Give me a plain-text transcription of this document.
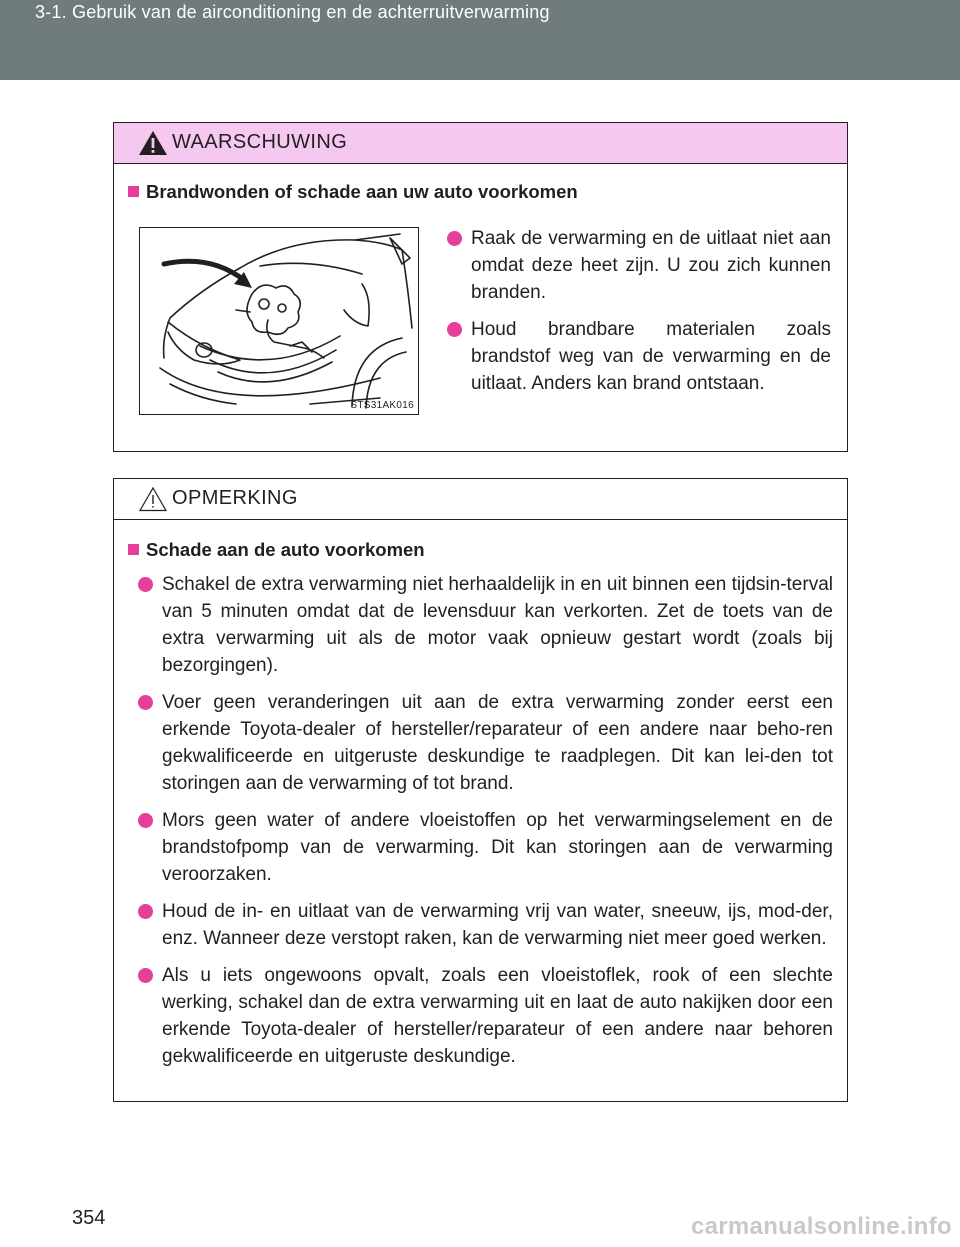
3-1. Gebruik van de airconditioning en de achterruitverwarming
WAARSCHUWING
Brandwonden of schade aan uw auto voorkomen
STS31AK016
Raak de verwarming en de uitlaat niet aan omdat deze heet zijn. U zou zich kunnen branden.
Houd brandbare materialen zoals brandstof weg van de verwarming en de uitlaat. Anders kan brand ontstaan.
OPMERKING
Schade aan de auto voorkomen
Schakel de extra verwarming niet herhaaldelijk in en uit binnen een tijdsin-terval van 5 minuten omdat dat de levensduur kan verkorten. Zet de toets van de extra verwarming uit als de motor vaak opnieuw gestart wordt (zoals bij bezorgingen).
Voer geen veranderingen uit aan de extra verwarming zonder eerst een erkende Toyota-dealer of hersteller/reparateur of een andere naar beho-ren gekwalificeerde en uitgeruste deskundige te raadplegen. Dit kan lei-den tot storingen aan de verwarming of tot brand.
Mors geen water of andere vloeistoffen op het verwarmingselement en de brandstofpomp van de verwarming. Dit kan storingen aan de verwarming veroorzaken.
Houd de in- en uitlaat van de verwarming vrij van water, sneeuw, ijs, mod-der, enz. Wanneer deze verstopt raken, kan de verwarming niet meer goed werken.
Als u iets ongewoons opvalt, zoals een vloeistoflek, rook of een slechte werking, schakel dan de extra verwarming uit en laat de auto nakijken door een erkende Toyota-dealer of hersteller/reparateur of een andere naar behoren gekwalificeerde en uitgeruste deskundige.
354	carmanualsonline.info
